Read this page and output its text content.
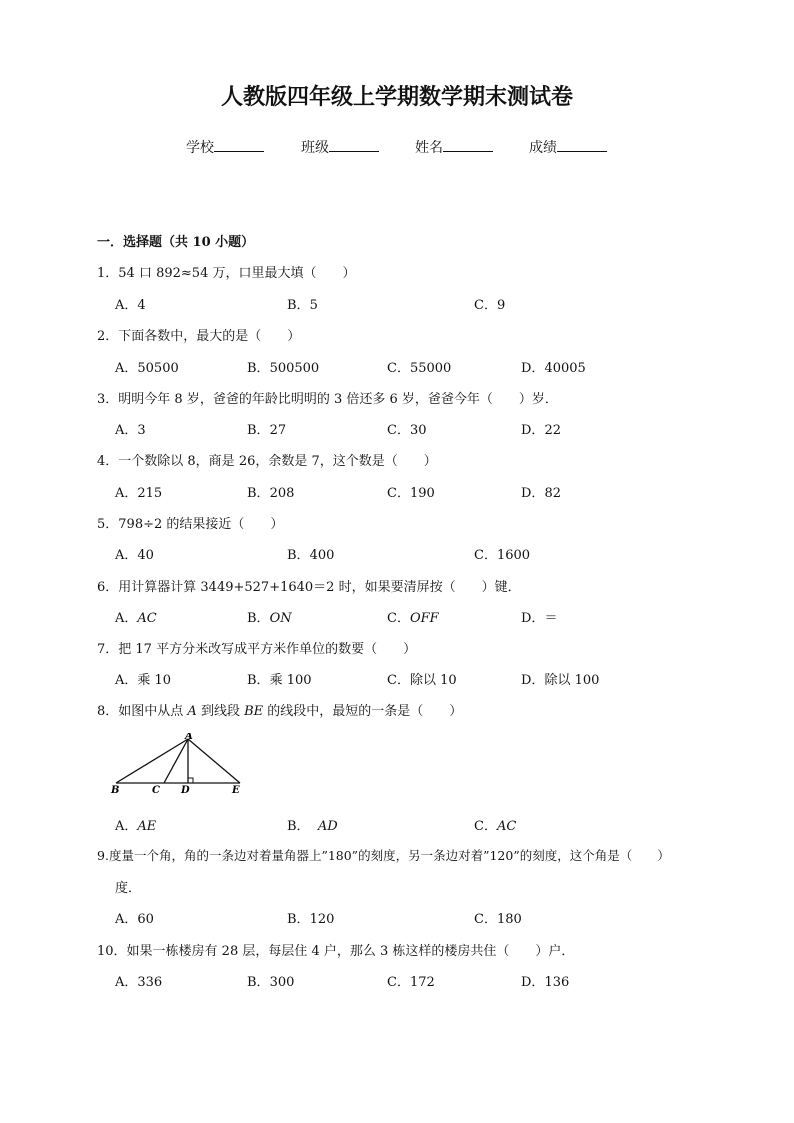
人教版四年级上学期数学期末测试卷
学校	班级	姓名	成绩
一．选择题（共 10 小题）
1．54 口 892≈54 万，口里最大填（　　）
A．4	B．5	C．9
2．下面各数中，最大的是（　　）
A．50500	B．500500	C．55000	D．40005
3．明明今年 8 岁，爸爸的年龄比明明的 3 倍还多 6 岁，爸爸今年（　　）岁．
A．3	B．27	C．30	D．22
4．一个数除以 8，商是 26，余数是 7，这个数是（　　）
A．215	B．208	C．190	D．82
5．798÷2 的结果接近（　　）
A．40	B．400	C．1600
6．用计算器计算 3449+527+1640＝2 时，如果要清屏按（　　）键．
A．AC	B．ON	C．OFF	D．＝
7．把 17 平方分米改写成平方米作单位的数要（　　）
A．乘 10	B．乘 100	C．除以 10	D．除以 100
8．如图中从点 A 到线段 BE 的线段中，最短的一条是（　　）
A
B	C D	E
A．AE	B． AD	C．AC
9.度量一个角，角的一条边对着量角器上”180”的刻度，另一条边对着”120”的刻度，这个角是（　　）
度．
A．60	B．120	C．180
10．如果一栋楼房有 28 层，每层住 4 户，那么 3 栋这样的楼房共住（　　）户．
A．336	B．300	C．172	D．136
